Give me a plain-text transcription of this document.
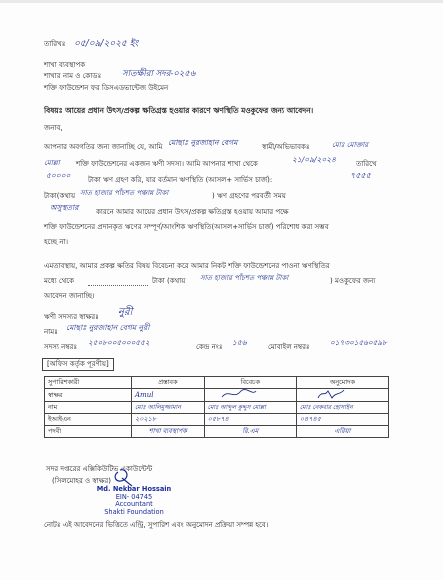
তারিখঃ ০৫/০৯/২০২৫ ইং
শাখা ব্যবস্থাপক
শাখার নাম ও কোডঃ সাতক্ষীরা সদর-০২৫৬
শক্তি ফাউন্ডেশন ফর ডিসএডভান্টেজ উইমেন
বিষয়ঃ আয়ের প্রধান উৎস/প্রকল্প ক্ষতিগ্রস্ত হওয়ার কারণে ঋণস্থিতি মওকুফের জন্য আবেদন।
জনাব,
আপনার অবগতির জন্য জানাচ্ছি যে, আমি মোছাঃ নুরজাহান বেগম	স্বামী/অভিভাবকঃ	মোঃ মোক্তার
মোল্লা শক্তি ফাউন্ডেশনের একজন ঋণী সদস্য। আমি আপনার শাখা থেকে	২১/০৯/২০২৪	তারিখে
৫০০০০	টাকা ঋণ গ্রহণ করি, যার বর্তমান ঋণস্থিতি (আসল+ সার্ভিস চার্জ):	৭৫৫৫
টাকা(কথায় সাত হাজার পাঁচশত পঞ্চান্ন টাকা	) ঋণ গ্রহণের পরবর্তী সময়
অসুস্থতার	কারনে আমার আয়ের প্রধান উৎস/প্রকল্প ক্ষতিগ্রস্ত হওয়ায় আমার পক্ষে
শক্তি ফাউন্ডেশনের প্রদানকৃত ঋণের সম্পূর্ণ/আংশিক ঋণস্থিতি(আসল+সার্ভিস চার্জ) পরিশোধ করা সম্ভব
হচ্ছে না।
এমতাবস্থায়, আমার প্রকল্প ক্ষতির বিষয় বিবেচনা করে আমার নিকট শক্তি ফাউন্ডেশনের পাওনা ঋণস্থিতির
মধ্যে থেকে	টাকা (কথায় সাত হাজার পাঁচশত পঞ্চান্ন টাকা	) মওকুফের জন্য
আবেদন জানাচ্ছি।
ঋণী সদস্যর স্বাক্ষরঃ নুরী
নামঃ মোছাঃ নুরজাহান বেগম নুরী
সদস্য নম্বরঃ ২৫০৮০০৫০০০৫৫২	কেন্দ্র নংঃ ১৫৬	মোবাইল নম্বরঃ	০১৭৩০১৫৬০৫৯৮
[অফিস কর্তৃক পূরণীয়]
সুপারিশকারী	প্রস্তাবক	বিবেচক	অনুমোদক
স্বাক্ষর	Amul		
নাম	মোঃ আলিমুজ্জামান	মোঃ আব্দুল কুদ্দুস মোল্লা	মোঃ নেকবার হোসাইন
ইআইএন	২০২১৮	০৫৮৭৪	০৪৭৪৫
পদবী	শাখা ব্যবস্থাপক	রি.এম	এরিয়া
সদর দপ্তরের এক্সিকিউটিভ একাউন্টেন্ট
(সিলমোহর ও স্বাক্ষর)
Md. Nekbar Hossain
EIN- 04745
Accountant
Shakti Foundation
নোটঃ এই আবেদনের ভিত্তিতে এন্ট্রি, সুপারিশ এবং অনুমোদন প্রক্রিয়া সম্পন্ন হবে।
